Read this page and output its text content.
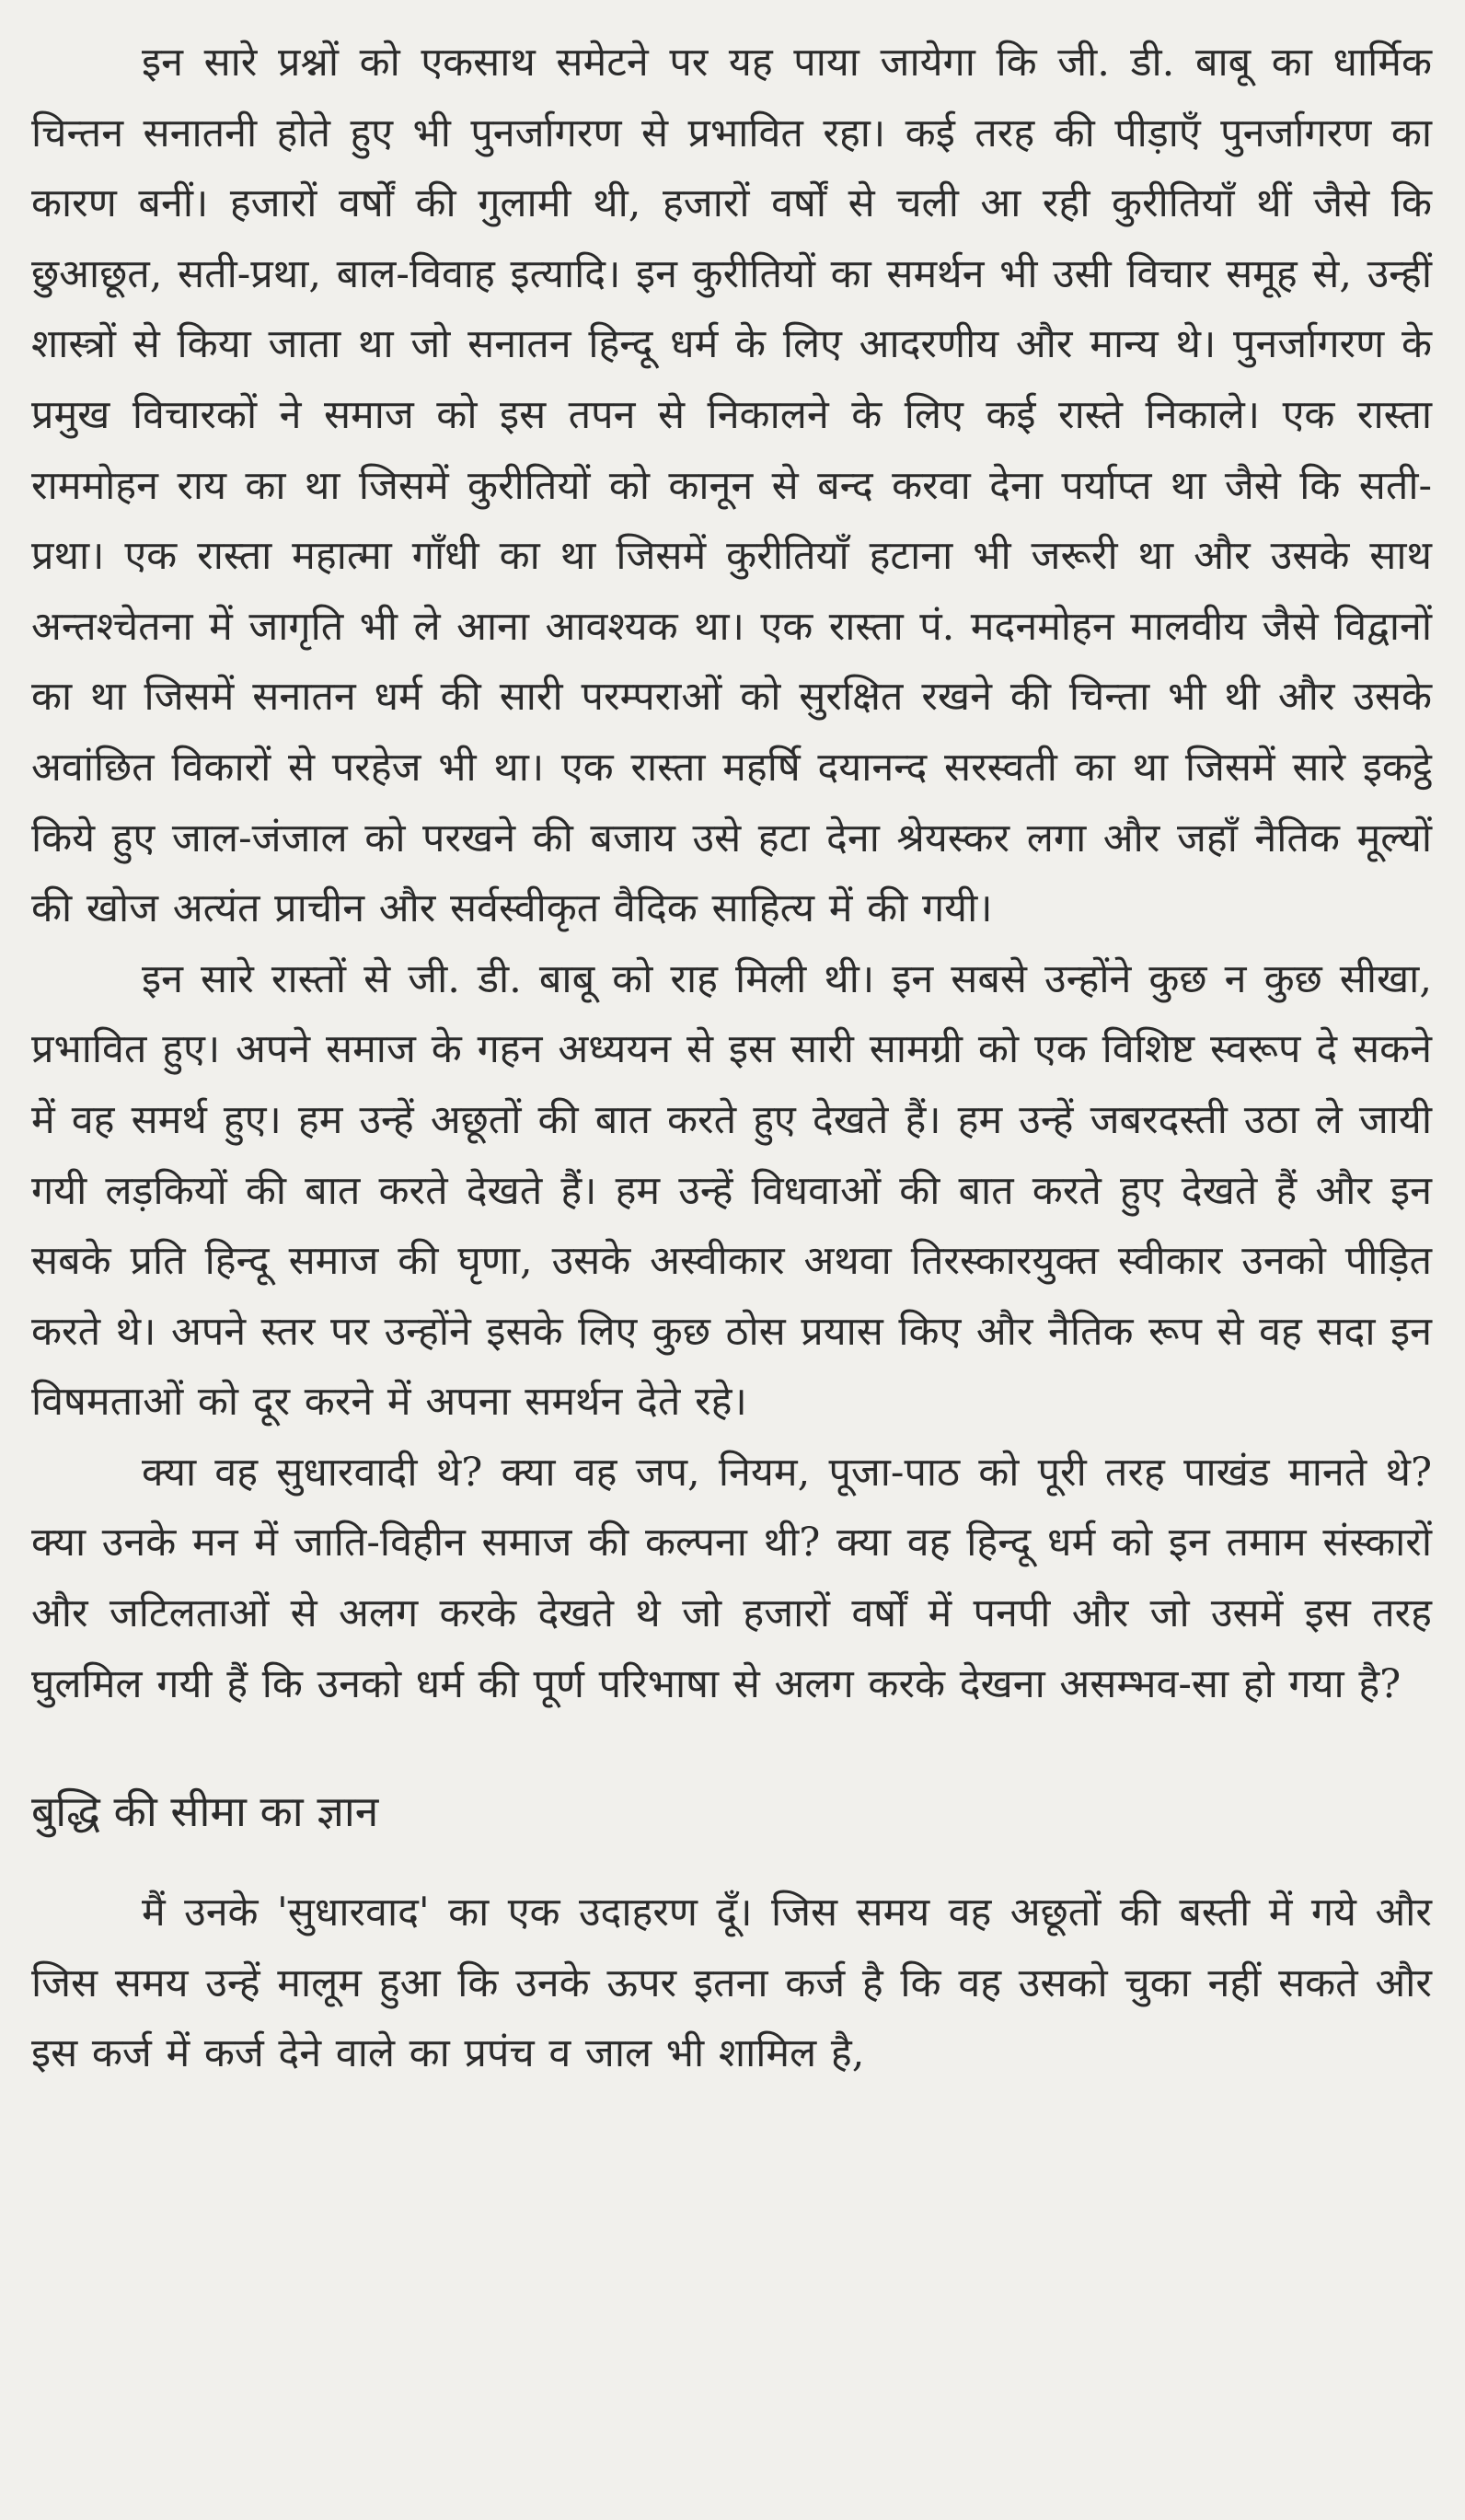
इन सारे प्रश्नों को एकसाथ समेटने पर यह पाया जायेगा कि जी. डी. बाबू का धार्मिक चिन्तन सनातनी होते हुए भी पुनर्जागरण से प्रभावित रहा। कई तरह की पीड़ाएँ पुनर्जागरण का कारण बनीं। हजारों वर्षों की गुलामी थी, हजारों वर्षों से चली आ रही कुरीतियाँ थीं जैसे कि छुआछूत, सती-प्रथा, बाल-विवाह इत्यादि। इन कुरीतियों का समर्थन भी उसी विचार समूह से, उन्हीं शास्त्रों से किया जाता था जो सनातन हिन्दू धर्म के लिए आदरणीय और मान्य थे। पुनर्जागरण के प्रमुख विचारकों ने समाज को इस तपन से निकालने के लिए कई रास्ते निकाले। एक रास्ता राममोहन राय का था जिसमें कुरीतियों को कानून से बन्द करवा देना पर्याप्त था जैसे कि सती-प्रथा। एक रास्ता महात्मा गाँधी का था जिसमें कुरीतियाँ हटाना भी जरूरी था और उसके साथ अन्तश्चेतना में जागृति भी ले आना आवश्यक था। एक रास्ता पं. मदनमोहन मालवीय जैसे विद्वानों का था जिसमें सनातन धर्म की सारी परम्पराओं को सुरक्षित रखने की चिन्ता भी थी और उसके अवांछित विकारों से परहेज भी था। एक रास्ता महर्षि दयानन्द सरस्वती का था जिसमें सारे इकट्ठे किये हुए जाल-जंजाल को परखने की बजाय उसे हटा देना श्रेयस्कर लगा और जहाँ नैतिक मूल्यों की खोज अत्यंत प्राचीन और सर्वस्वीकृत वैदिक साहित्य में की गयी।

इन सारे रास्तों से जी. डी. बाबू को राह मिली थी। इन सबसे उन्होंने कुछ न कुछ सीखा, प्रभावित हुए। अपने समाज के गहन अध्ययन से इस सारी सामग्री को एक विशिष्ट स्वरूप दे सकने में वह समर्थ हुए। हम उन्हें अछूतों की बात करते हुए देखते हैं। हम उन्हें जबरदस्ती उठा ले जायी गयी लड़कियों की बात करते देखते हैं। हम उन्हें विधवाओं की बात करते हुए देखते हैं और इन सबके प्रति हिन्दू समाज की घृणा, उसके अस्वीकार अथवा तिरस्कारयुक्त स्वीकार उनको पीड़ित करते थे। अपने स्तर पर उन्होंने इसके लिए कुछ ठोस प्रयास किए और नैतिक रूप से वह सदा इन विषमताओं को दूर करने में अपना समर्थन देते रहे।

क्या वह सुधारवादी थे? क्या वह जप, नियम, पूजा-पाठ को पूरी तरह पाखंड मानते थे? क्या उनके मन में जाति-विहीन समाज की कल्पना थी? क्या वह हिन्दू धर्म को इन तमाम संस्कारों और जटिलताओं से अलग करके देखते थे जो हजारों वर्षों में पनपी और जो उसमें इस तरह घुलमिल गयी हैं कि उनको धर्म की पूर्ण परिभाषा से अलग करके देखना असम्भव-सा हो गया है?

बुद्धि की सीमा का ज्ञान

मैं उनके 'सुधारवाद' का एक उदाहरण दूँ। जिस समय वह अछूतों की बस्ती में गये और जिस समय उन्हें मालूम हुआ कि उनके ऊपर इतना कर्ज है कि वह उसको चुका नहीं सकते और इस कर्ज में कर्ज देने वाले का प्रपंच व जाल भी शामिल है,
